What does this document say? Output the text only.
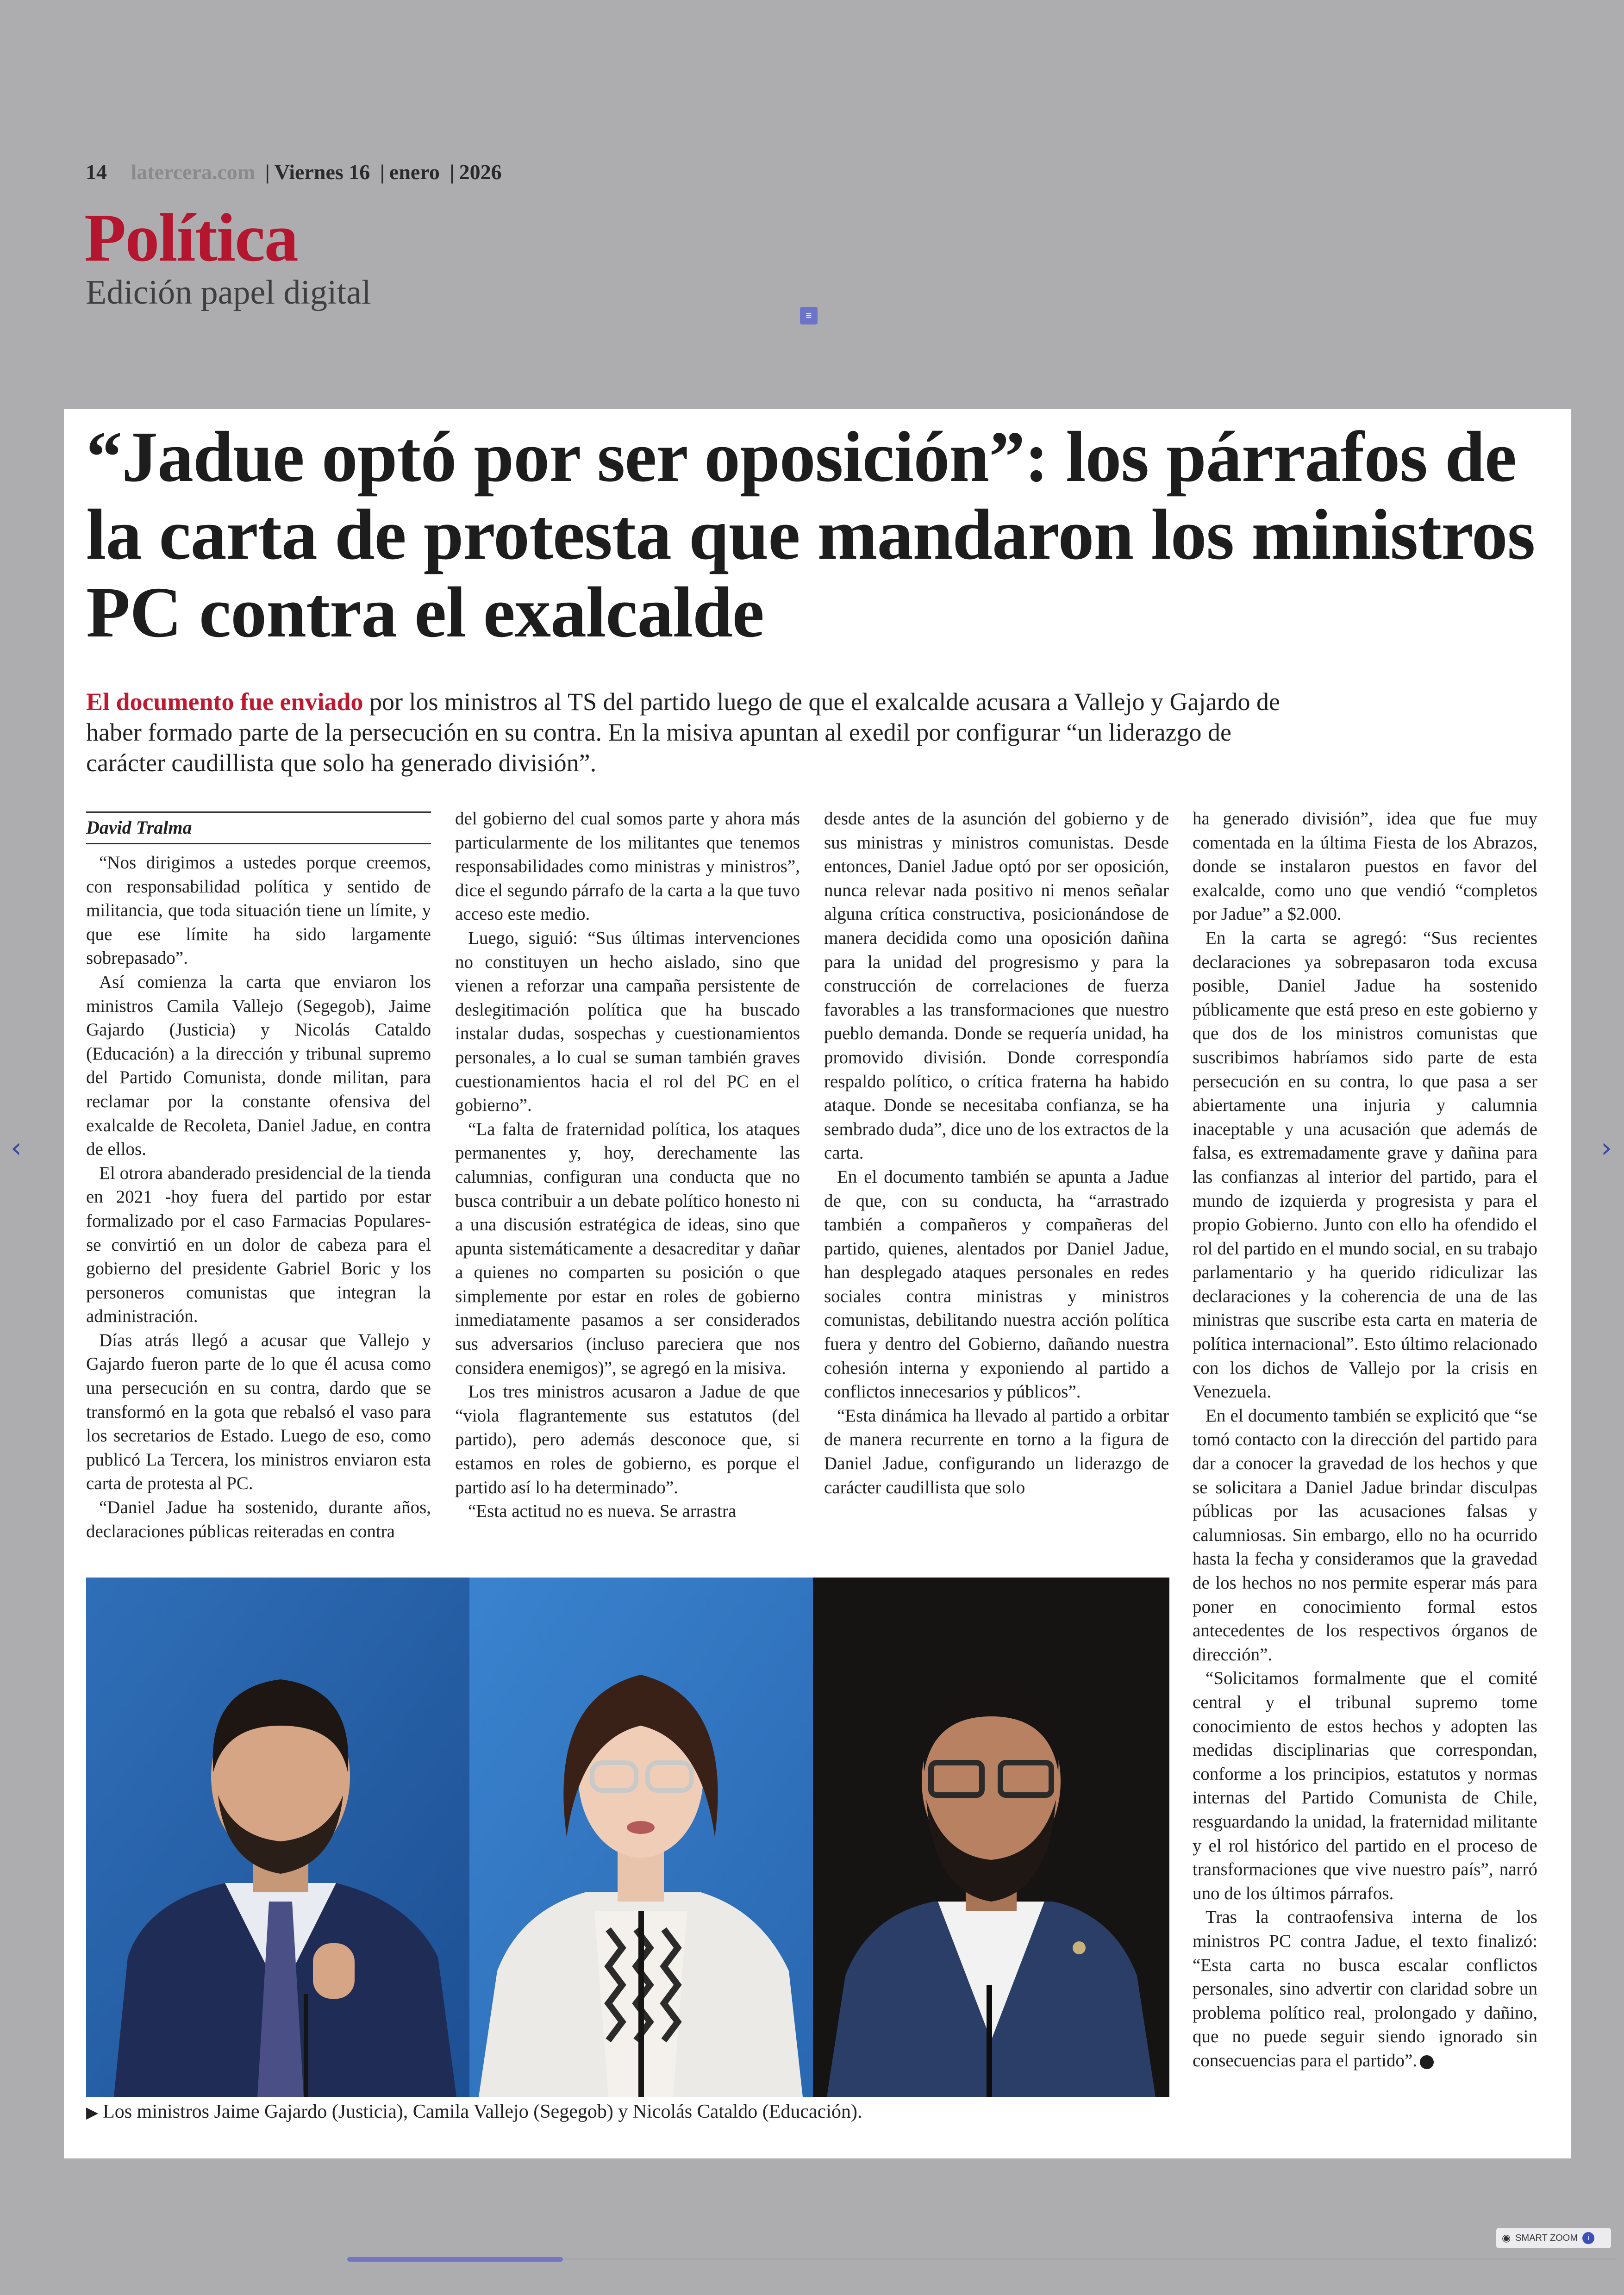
14 latercera.com | Viernes 16 | enero | 2026
Política
Edición papel digital
≡
“Jadue optó por ser oposición”: los párrafos de la carta de protesta que mandaron los ministros PC contra el exalcalde

El documento fue enviado por los ministros al TS del partido luego de que el exalcalde acusara a Vallejo y Gajardo de haber formado parte de la persecución en su contra. En la misiva apuntan al exedil por configurar “un liderazgo de carácter caudillista que solo ha generado división”.

David Tralma

“Nos dirigimos a ustedes porque creemos, con responsabilidad política y sentido de militancia, que toda situación tiene un límite, y que ese límite ha sido largamente sobrepasado”.

Así comienza la carta que enviaron los ministros Camila Vallejo (Segegob), Jaime Gajardo (Justicia) y Nicolás Cataldo (Educación) a la dirección y tribunal supremo del Partido Comunista, donde militan, para reclamar por la constante ofensiva del exalcalde de Recoleta, Daniel Jadue, en contra de ellos.

El otrora abanderado presidencial de la tienda en 2021 -hoy fuera del partido por estar formalizado por el caso Farmacias Populares- se convirtió en un dolor de cabeza para el gobierno del presidente Gabriel Boric y los personeros comunistas que integran la administración.

Días atrás llegó a acusar que Vallejo y Gajardo fueron parte de lo que él acusa como una persecución en su contra, dardo que se transformó en la gota que rebalsó el vaso para los secretarios de Estado. Luego de eso, como publicó La Tercera, los ministros enviaron esta carta de protesta al PC.

“Daniel Jadue ha sostenido, durante años, declaraciones públicas reiteradas en contra

del gobierno del cual somos parte y ahora más particularmente de los militantes que tenemos responsabilidades como ministras y ministros”, dice el segundo párrafo de la carta a la que tuvo acceso este medio.

Luego, siguió: “Sus últimas intervenciones no constituyen un hecho aislado, sino que vienen a reforzar una campaña persistente de deslegitimación política que ha buscado instalar dudas, sospechas y cuestionamientos personales, a lo cual se suman también graves cuestionamientos hacia el rol del PC en el gobierno”.

“La falta de fraternidad política, los ataques permanentes y, hoy, derechamente las calumnias, configuran una conducta que no busca contribuir a un debate político honesto ni a una discusión estratégica de ideas, sino que apunta sistemáticamente a desacreditar y dañar a quienes no comparten su posición o que simplemente por estar en roles de gobierno inmediatamente pasamos a ser considerados sus adversarios (incluso pareciera que nos considera enemigos)”, se agregó en la misiva.

Los tres ministros acusaron a Jadue de que “viola flagrantemente sus estatutos (del partido), pero además desconoce que, si estamos en roles de gobierno, es porque el partido así lo ha determinado”.

“Esta actitud no es nueva. Se arrastra

desde antes de la asunción del gobierno y de sus ministras y ministros comunistas. Desde entonces, Daniel Jadue optó por ser oposición, nunca relevar nada positivo ni menos señalar alguna crítica constructiva, posicionándose de manera decidida como una oposición dañina para la unidad del progresismo y para la construcción de correlaciones de fuerza favorables a las transformaciones que nuestro pueblo demanda. Donde se requería unidad, ha promovido división. Donde correspondía respaldo político, o crítica fraterna ha habido ataque. Donde se necesitaba confianza, se ha sembrado duda”, dice uno de los extractos de la carta.

En el documento también se apunta a Jadue de que, con su conducta, ha “arrastrado también a compañeros y compañeras del partido, quienes, alentados por Daniel Jadue, han desplegado ataques personales en redes sociales contra ministras y ministros comunistas, debilitando nuestra acción política fuera y dentro del Gobierno, dañando nuestra cohesión interna y exponiendo al partido a conflictos innecesarios y públicos”.

“Esta dinámica ha llevado al partido a orbitar de manera recurrente en torno a la figura de Daniel Jadue, configurando un liderazgo de carácter caudillista que solo

ha generado división”, idea que fue muy comentada en la última Fiesta de los Abrazos, donde se instalaron puestos en favor del exalcalde, como uno que vendió “completos por Jadue” a $2.000.

En la carta se agregó: “Sus recientes declaraciones ya sobrepasaron toda excusa posible, Daniel Jadue ha sostenido públicamente que está preso en este gobierno y que dos de los ministros comunistas que suscribimos habríamos sido parte de esta persecución en su contra, lo que pasa a ser abiertamente una injuria y calumnia inaceptable y una acusación que además de falsa, es extremadamente grave y dañina para las confianzas al interior del partido, para el mundo de izquierda y progresista y para el propio Gobierno. Junto con ello ha ofendido el rol del partido en el mundo social, en su trabajo parlamentario y ha querido ridiculizar las declaraciones y la coherencia de una de las ministras que suscribe esta carta en materia de política internacional”. Esto último relacionado con los dichos de Vallejo por la crisis en Venezuela.

En el documento también se explicitó que “se tomó contacto con la dirección del partido para dar a conocer la gravedad de los hechos y que se solicitara a Daniel Jadue brindar disculpas públicas por las acusaciones falsas y calumniosas. Sin embargo, ello no ha ocurrido hasta la fecha y consideramos que la gravedad de los hechos no nos permite esperar más para poner en conocimiento formal estos antecedentes de los respectivos órganos de dirección”.

“Solicitamos formalmente que el comité central y el tribunal supremo tome conocimiento de estos hechos y adopten las medidas disciplinarias que correspondan, conforme a los principios, estatutos y normas internas del Partido Comunista de Chile, resguardando la unidad, la fraternidad militante y el rol histórico del partido en el proceso de transformaciones que vive nuestro país”, narró uno de los últimos párrafos.

Tras la contraofensiva interna de los ministros PC contra Jadue, el texto finalizó: “Esta carta no busca escalar conflictos personales, sino advertir con claridad sobre un problema político real, prolongado y dañino, que no puede seguir siendo ignorado sin consecuencias para el partido”.

▶ Los ministros Jaime Gajardo (Justicia), Camila Vallejo (Segegob) y Nicolás Cataldo (Educación).
‹	›
◉ SMART ZOOM	i
